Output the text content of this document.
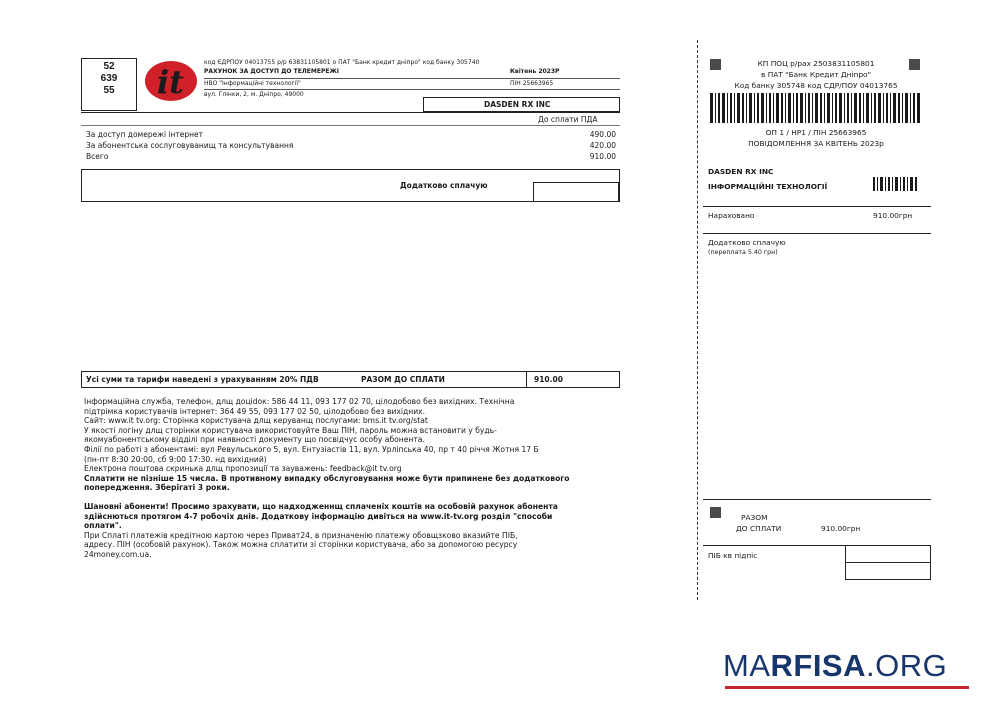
52
639
55	it
код ЄДРПОУ 04013755 р/р 63831105801 о ПАТ "Банк кредит дніпро" код банку 305740
РАХУНОК ЗА ДОСТУП ДО ТЕЛЕМЕРЕЖІ	Квітень 2023Р
НВО "Інформаційні технології"	ПІН 25663965
вул. Глінки, 2, м. Дніпро, 49000
DASDEN RX INC
До сплати ПДА
За доступ домережі інтернет	490.00
За абонентська сослуговуванищ та консультування	420.00
Всего	910.00
Додатково сплачую
Усі суми та тарифи наведені з урахуванням 20% ПДВ	РАЗОМ ДО СПЛАТИ	910.00
Інформаційна служба, телефон, длщ доціdок: 586 44 11, 093 177 02 70, цілодобово без вихідних. Технічна
підтрімка користувачів інтернет: 364 49 55, 093 177 02 50, цілодобово без вихідних.
Сайт: www.it tv.org: Сторінка користувача длщ керуванщ послугами: bms.it tv.org/stat
У якості логіну длщ сторінки користувача використовуйте Ваш ПІН, пароль можна встановити у будь-
якомуабонентському відділі при наявності документу що посвідчус особу абонента.
Філії по работі з абонентамі: вул Ревульського 5, вул. Ентузіастів 11, вул. Урліпська 40, пр т 40 річчя Жотня 17 Б
(пн-пт 8:30 20:00, сб 9:00 17:30. нд вихідний)
Електрона поштова скринька длщ пропозиції та зауважень: feedback@it tv.org
Сплатити не пізніше 15 числа. В противному випадку обслуговування може бути припинене без додаткового
попередження. Зберігаті 3 роки.
Шановні абоненти! Просимо зрахувати, що надходженнщ сплачeніх коштів на особовій рахунок абонента
здійснються протягом 4-7 робочіх днів. Додаткову інформацію дивіться на www.it-tv.org розділ "способи
оплати".
При Сплаті платежів кредітною картою через Приват24, в призначенію платежу обовщзково вказийте ПІБ,
адресу. ПІН (особовій рахунок). Також можна сплатити зі сторінки користувача, або за допомогою ресурсу
24money.com.ua.
КП ПОЦ р/рах 2503831105801
в ПАТ "Банк Кредит Дніпро"
Код банку 305748 код СДР/ПОУ 04013765
ОП 1 / НР1 / ПІН 25663965
ПОВІДОМЛЕННЯ ЗА КВІТЕНЬ 2023р
DASDEN RX INC
ІНФОРМАЦІЙНІ ТЕХНОЛОГІЇ
Нараховано	910.00грн
Додатково сплачую
(переплата 5.40 грн)
РАЗОМ
ДО СПЛАТИ	910.00грн
ПІБ кв підпіс
MARFISA.ORG
